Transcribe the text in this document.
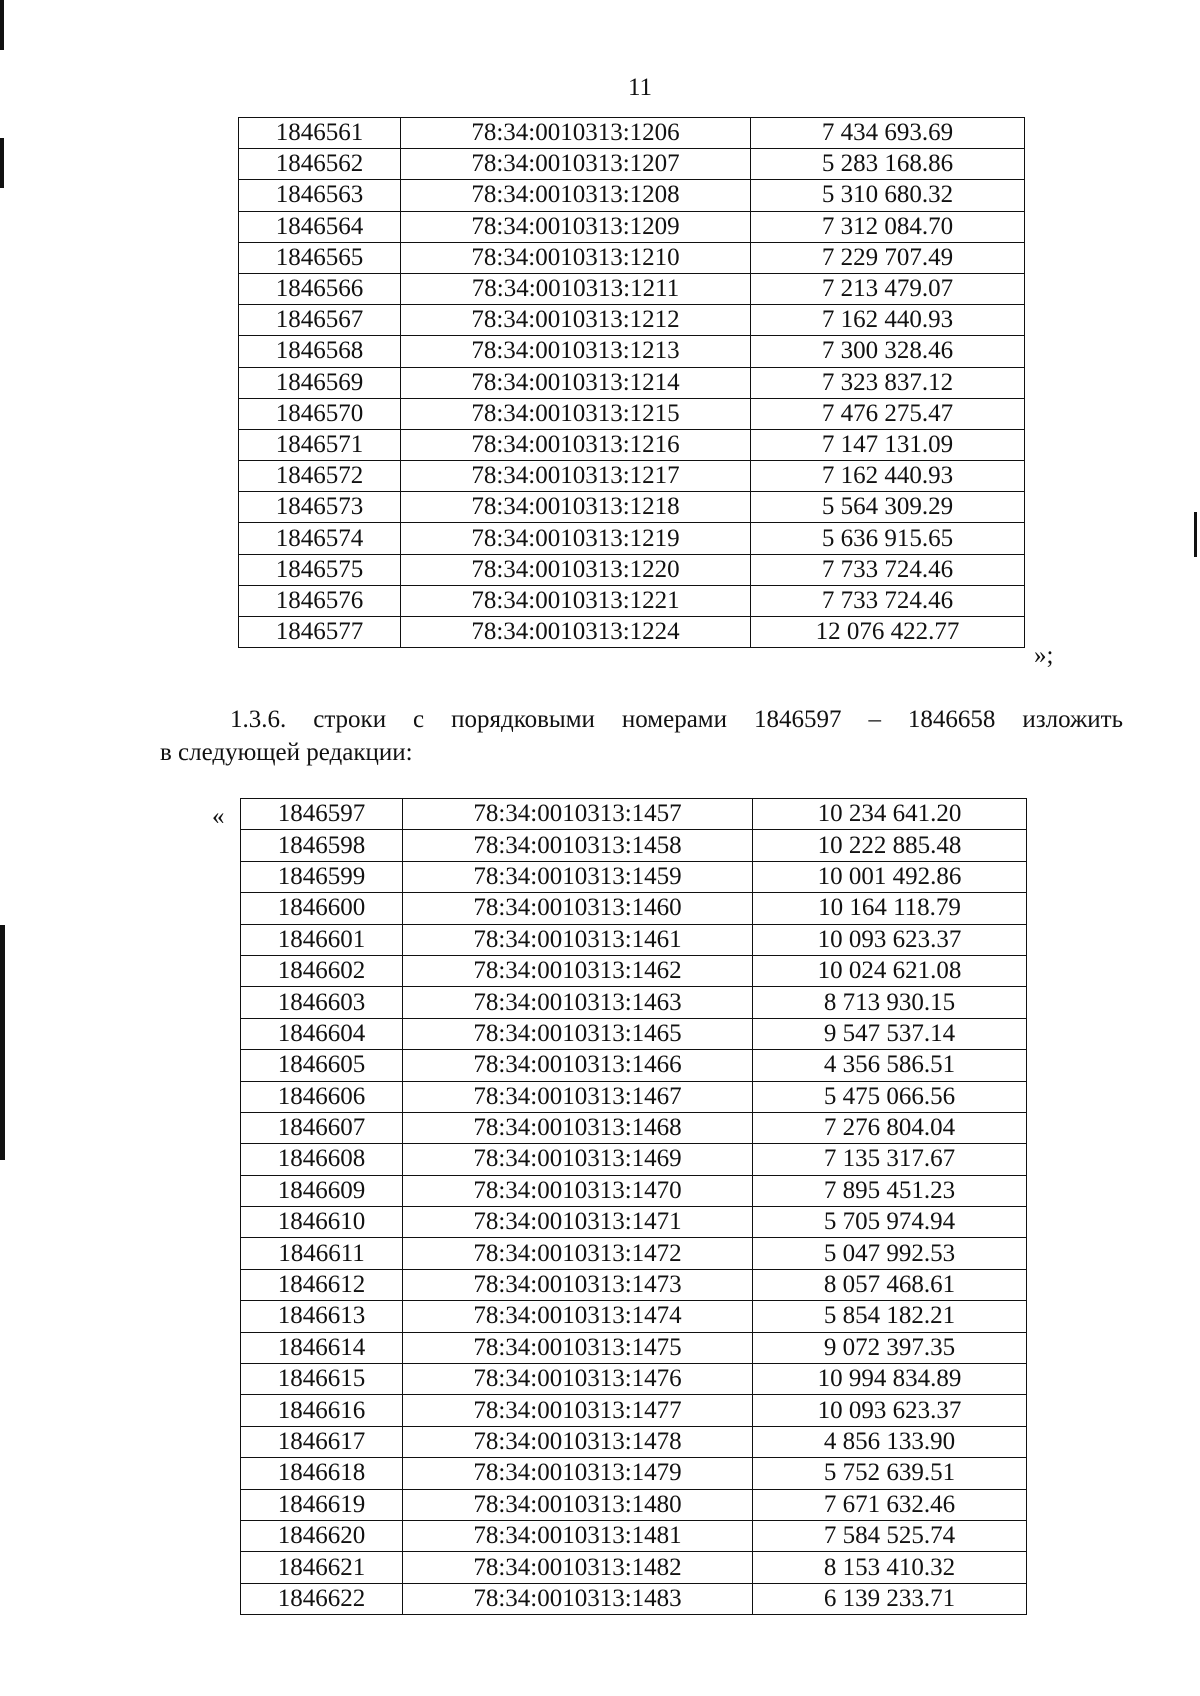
11
1846561	78:34:0010313:1206	7 434 693.69
1846562	78:34:0010313:1207	5 283 168.86
1846563	78:34:0010313:1208	5 310 680.32
1846564	78:34:0010313:1209	7 312 084.70
1846565	78:34:0010313:1210	7 229 707.49
1846566	78:34:0010313:1211	7 213 479.07
1846567	78:34:0010313:1212	7 162 440.93
1846568	78:34:0010313:1213	7 300 328.46
1846569	78:34:0010313:1214	7 323 837.12
1846570	78:34:0010313:1215	7 476 275.47
1846571	78:34:0010313:1216	7 147 131.09
1846572	78:34:0010313:1217	7 162 440.93
1846573	78:34:0010313:1218	5 564 309.29
1846574	78:34:0010313:1219	5 636 915.65
1846575	78:34:0010313:1220	7 733 724.46
1846576	78:34:0010313:1221	7 733 724.46
1846577	78:34:0010313:1224	12 076 422.77
»;
1.3.6. строки с порядковыми номерами 1846597 – 1846658 изложить
в следующей редакции:
« 1846597	78:34:0010313:1457	10 234 641.20
1846598	78:34:0010313:1458	10 222 885.48
1846599	78:34:0010313:1459	10 001 492.86
1846600	78:34:0010313:1460	10 164 118.79
1846601	78:34:0010313:1461	10 093 623.37
1846602	78:34:0010313:1462	10 024 621.08
1846603	78:34:0010313:1463	8 713 930.15
1846604	78:34:0010313:1465	9 547 537.14
1846605	78:34:0010313:1466	4 356 586.51
1846606	78:34:0010313:1467	5 475 066.56
1846607	78:34:0010313:1468	7 276 804.04
1846608	78:34:0010313:1469	7 135 317.67
1846609	78:34:0010313:1470	7 895 451.23
1846610	78:34:0010313:1471	5 705 974.94
1846611	78:34:0010313:1472	5 047 992.53
1846612	78:34:0010313:1473	8 057 468.61
1846613	78:34:0010313:1474	5 854 182.21
1846614	78:34:0010313:1475	9 072 397.35
1846615	78:34:0010313:1476	10 994 834.89
1846616	78:34:0010313:1477	10 093 623.37
1846617	78:34:0010313:1478	4 856 133.90
1846618	78:34:0010313:1479	5 752 639.51
1846619	78:34:0010313:1480	7 671 632.46
1846620	78:34:0010313:1481	7 584 525.74
1846621	78:34:0010313:1482	8 153 410.32
1846622	78:34:0010313:1483	6 139 233.71
